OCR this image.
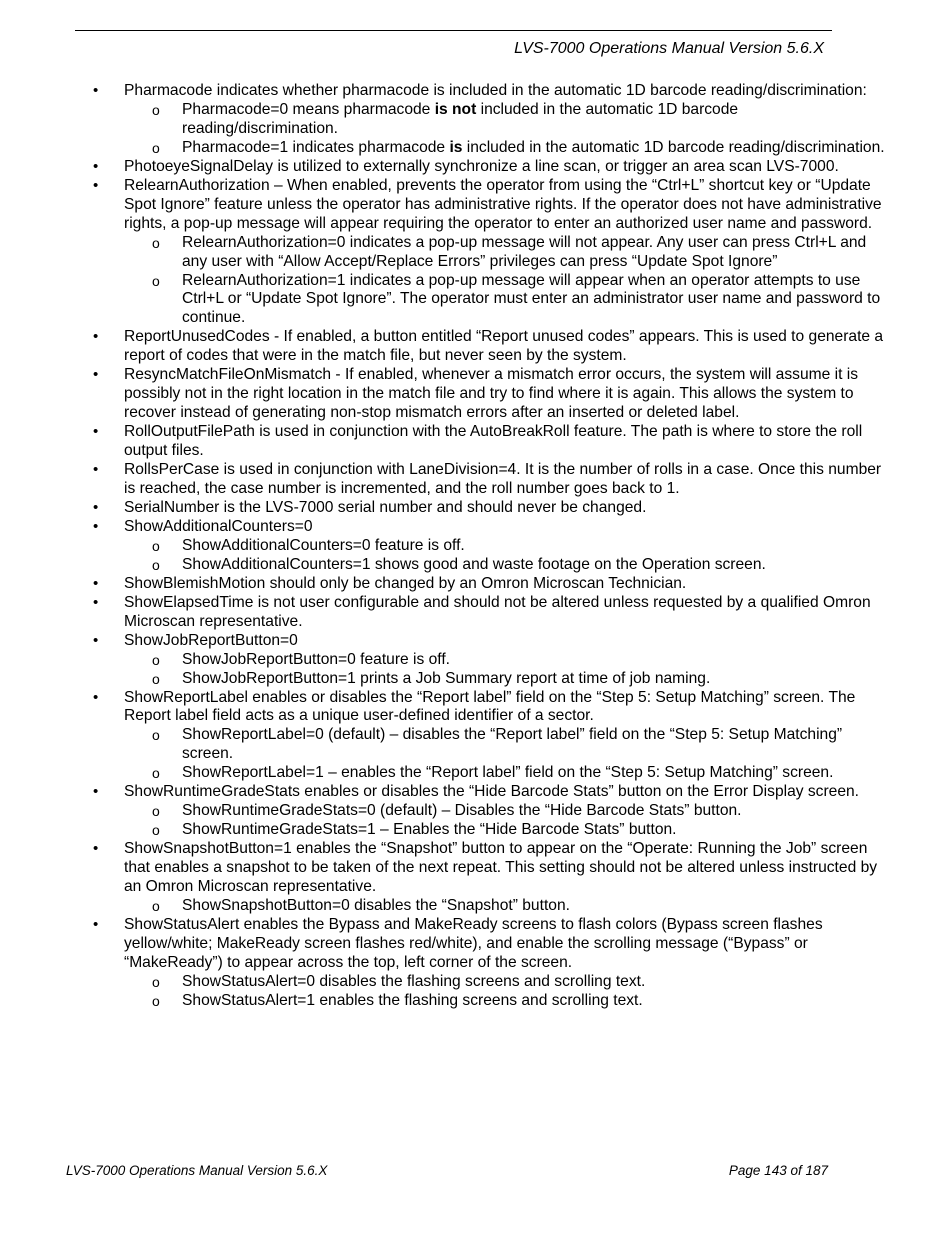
LVS-7000 Operations Manual Version 5.6.X
• Pharmacode indicates whether pharmacode is included in the automatic 1D barcode reading/discrimination:
o Pharmacode=0 means pharmacode is not included in the automatic 1D barcode reading/discrimination.
o Pharmacode=1 indicates pharmacode is included in the automatic 1D barcode reading/discrimination.
• PhotoeyeSignalDelay is utilized to externally synchronize a line scan, or trigger an area scan LVS-7000.
• RelearnAuthorization – When enabled, prevents the operator from using the “Ctrl+L” shortcut key or “Update Spot Ignore” feature unless the operator has administrative rights. If the operator does not have administrative rights, a pop-up message will appear requiring the operator to enter an authorized user name and password.
o RelearnAuthorization=0 indicates a pop-up message will not appear. Any user can press Ctrl+L and any user with “Allow Accept/Replace Errors” privileges can press “Update Spot Ignore”
o RelearnAuthorization=1 indicates a pop-up message will appear when an operator attempts to use Ctrl+L or “Update Spot Ignore”. The operator must enter an administrator user name and password to continue.
• ReportUnusedCodes - If enabled, a button entitled “Report unused codes” appears. This is used to generate a report of codes that were in the match file, but never seen by the system.
• ResyncMatchFileOnMismatch - If enabled, whenever a mismatch error occurs, the system will assume it is possibly not in the right location in the match file and try to find where it is again. This allows the system to recover instead of generating non-stop mismatch errors after an inserted or deleted label.
• RollOutputFilePath is used in conjunction with the AutoBreakRoll feature. The path is where to store the roll output files.
• RollsPerCase is used in conjunction with LaneDivision=4. It is the number of rolls in a case. Once this number is reached, the case number is incremented, and the roll number goes back to 1.
• SerialNumber is the LVS-7000 serial number and should never be changed.
• ShowAdditionalCounters=0
o ShowAdditionalCounters=0 feature is off.
o ShowAdditionalCounters=1 shows good and waste footage on the Operation screen.
• ShowBlemishMotion should only be changed by an Omron Microscan Technician.
• ShowElapsedTime is not user configurable and should not be altered unless requested by a qualified Omron Microscan representative.
• ShowJobReportButton=0
o ShowJobReportButton=0 feature is off.
o ShowJobReportButton=1 prints a Job Summary report at time of job naming.
• ShowReportLabel enables or disables the “Report label” field on the “Step 5: Setup Matching” screen. The Report label field acts as a unique user-defined identifier of a sector.
o ShowReportLabel=0 (default) – disables the “Report label” field on the “Step 5: Setup Matching” screen.
o ShowReportLabel=1 – enables the “Report label” field on the “Step 5: Setup Matching” screen.
• ShowRuntimeGradeStats enables or disables the “Hide Barcode Stats” button on the Error Display screen.
o ShowRuntimeGradeStats=0 (default) – Disables the “Hide Barcode Stats” button.
o ShowRuntimeGradeStats=1 – Enables the “Hide Barcode Stats” button.
• ShowSnapshotButton=1 enables the “Snapshot” button to appear on the “Operate: Running the Job” screen that enables a snapshot to be taken of the next repeat. This setting should not be altered unless instructed by an Omron Microscan representative.
o ShowSnapshotButton=0 disables the “Snapshot” button.
• ShowStatusAlert enables the Bypass and MakeReady screens to flash colors (Bypass screen flashes yellow/white; MakeReady screen flashes red/white), and enable the scrolling message (“Bypass” or “MakeReady”) to appear across the top, left corner of the screen.
o ShowStatusAlert=0 disables the flashing screens and scrolling text.
o ShowStatusAlert=1 enables the flashing screens and scrolling text.
LVS-7000 Operations Manual Version 5.6.X	Page 143 of 187
